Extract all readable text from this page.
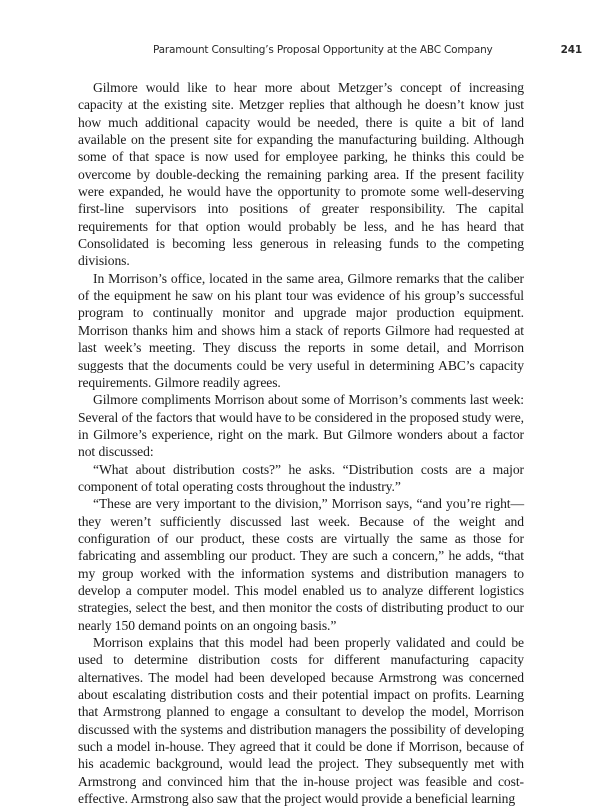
Paramount Consulting’s Proposal Opportunity at the ABC Company	241

Gilmore would like to hear more about Metzger’s concept of increasing capacity at the existing site. Metzger replies that although he doesn’t know just how much additional capacity would be needed, there is quite a bit of land available on the present site for expanding the manufacturing building. Although some of that space is now used for employee parking, he thinks this could be overcome by double-decking the remaining parking area. If the present facility were expanded, he would have the opportunity to promote some well-deserving first-line supervisors into positions of greater responsibility. The capital requirements for that option would probably be less, and he has heard that Consolidated is becoming less generous in releasing funds to the competing divisions.

In Morrison’s office, located in the same area, Gilmore remarks that the caliber of the equipment he saw on his plant tour was evidence of his group’s successful program to continually monitor and upgrade major production equipment. Morrison thanks him and shows him a stack of reports Gilmore had requested at last week’s meeting. They discuss the reports in some detail, and Morrison suggests that the documents could be very useful in determining ABC’s capacity requirements. Gilmore readily agrees.

Gilmore compliments Morrison about some of Morrison’s comments last week: Several of the factors that would have to be considered in the proposed study were, in Gilmore’s experience, right on the mark. But Gilmore wonders about a factor not discussed:

“What about distribution costs?” he asks. “Distribution costs are a major component of total operating costs throughout the industry.”

“These are very important to the division,” Morrison says, “and you’re right—they weren’t sufficiently discussed last week. Because of the weight and configuration of our product, these costs are virtually the same as those for fabricating and assembling our product. They are such a concern,” he adds, “that my group worked with the information systems and distribution managers to develop a computer model. This model enabled us to analyze different logistics strategies, select the best, and then monitor the costs of distributing product to our nearly 150 demand points on an ongoing basis.”

Morrison explains that this model had been properly validated and could be used to determine distribution costs for different manufacturing capacity alternatives. The model had been developed because Armstrong was concerned about escalating distribution costs and their potential impact on profits. Learning that Armstrong planned to engage a consultant to develop the model, Morrison discussed with the systems and distribution managers the possibility of developing such a model in-house. They agreed that it could be done if Morrison, because of his academic background, would lead the project. They subsequently met with Armstrong and convinced him that the in-house project was feasible and cost-effective. Armstrong also saw that the project would provide a beneficial learning
